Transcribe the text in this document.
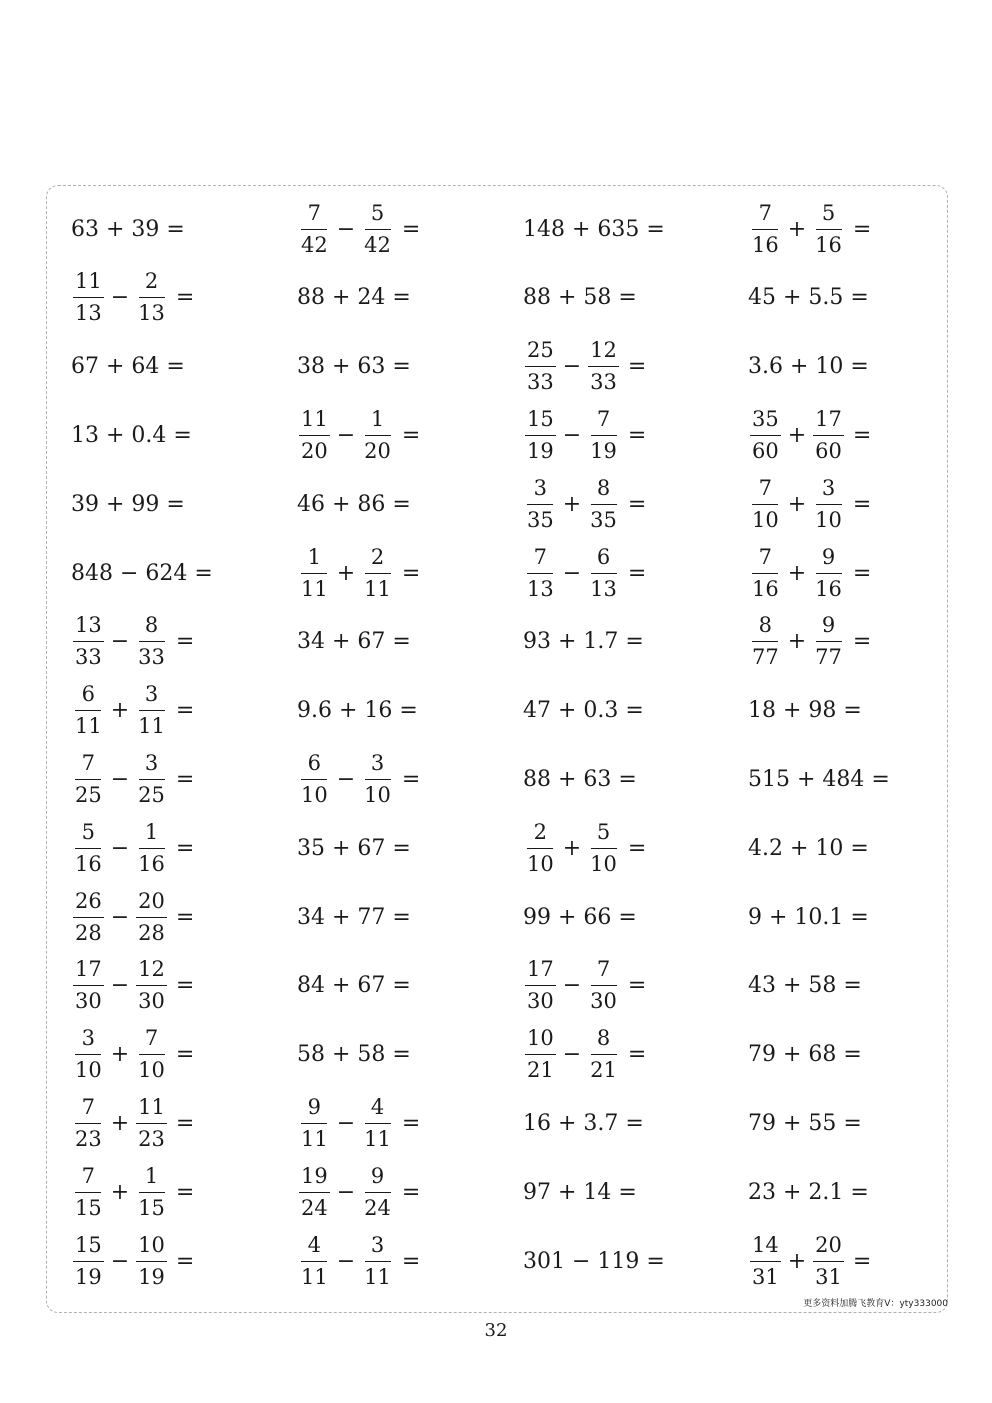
63 + 39 =
$\frac{11}{13} - \frac{2}{13}$ =
67 + 64 =
13 + 0.4 =
39 + 99 =
848 − 624 =
$\frac{13}{33} - \frac{8}{33}$ =
$\frac{6}{11} + \frac{3}{11}$ =
$\frac{7}{25} - \frac{3}{25}$ =
$\frac{5}{16} - \frac{1}{16}$ =
$\frac{26}{28} - \frac{20}{28}$ =
$\frac{17}{30} - \frac{12}{30}$ =
$\frac{3}{10} + \frac{7}{10}$ =
$\frac{7}{23} + \frac{11}{23}$ =
$\frac{7}{15} + \frac{1}{15}$ =
$\frac{15}{19} - \frac{10}{19}$ =
$\frac{7}{42} - \frac{5}{42}$ =
88 + 24 =
38 + 63 =
$\frac{11}{20} - \frac{1}{20}$ =
46 + 86 =
$\frac{1}{11} + \frac{2}{11}$ =
34 + 67 =
9.6 + 16 =
$\frac{6}{10} - \frac{3}{10}$ =
35 + 67 =
34 + 77 =
84 + 67 =
58 + 58 =
$\frac{9}{11} - \frac{4}{11}$ =
$\frac{19}{24} - \frac{9}{24}$ =
$\frac{4}{11} - \frac{3}{11}$ =
148 + 635 =
88 + 58 =
$\frac{25}{33} - \frac{12}{33}$ =
$\frac{15}{19} - \frac{7}{19}$ =
$\frac{3}{35} + \frac{8}{35}$ =
$\frac{7}{13} - \frac{6}{13}$ =
93 + 1.7 =
47 + 0.3 =
88 + 63 =
$\frac{2}{10} + \frac{5}{10}$ =
99 + 66 =
$\frac{17}{30} - \frac{7}{30}$ =
$\frac{10}{21} - \frac{8}{21}$ =
16 + 3.7 =
97 + 14 =
301 − 119 =
$\frac{7}{16} + \frac{5}{16}$ =
45 + 5.5 =
3.6 + 10 =
$\frac{35}{60} + \frac{17}{60}$ =
$\frac{7}{10} + \frac{3}{10}$ =
$\frac{7}{16} + \frac{9}{16}$ =
$\frac{8}{77} + \frac{9}{77}$ =
18 + 98 =
515 + 484 =
4.2 + 10 =
9 + 10.1 =
43 + 58 =
79 + 68 =
79 + 55 =
23 + 2.1 =
$\frac{14}{31} + \frac{20}{31}$ =
更多资料加腾飞教育V：yty333000
32
